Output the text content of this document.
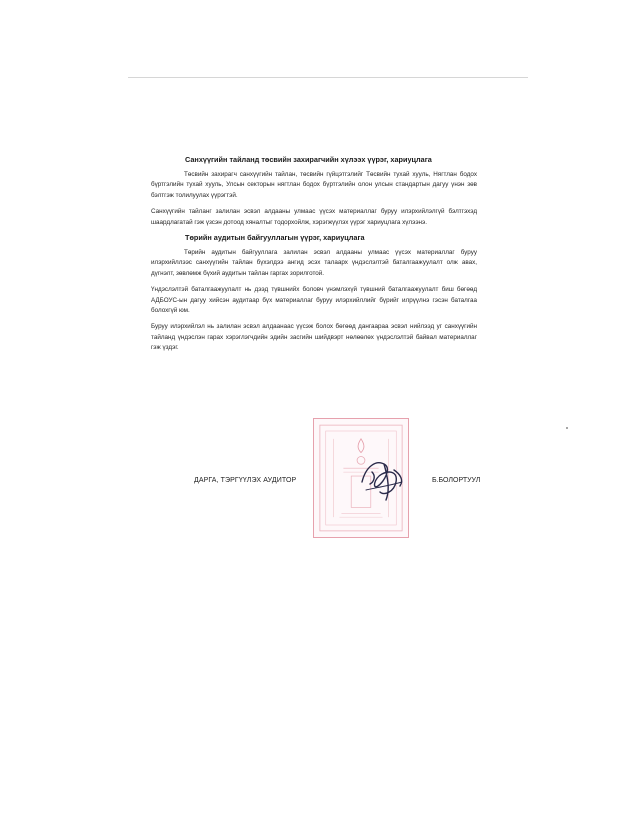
Санхүүгийн тайланд төсвийн захирагчийн хүлээх үүрэг, хариуцлага

Төсвийн захирагч санхүүгийн тайлан, төсвийн гүйцэтгэлийг Төсвийн тухай хууль, Нягтлан бодох бүртгэлийн тухай хууль, Улсын секторын нягтлан бодох бүртгэлийн олон улсын стандартын дагуу үнэн зөв бэлтгэж толилуулах үүрэгтэй.

Санхүүгийн тайланг залилан эсвэл алдааны улмаас үүсэх материаллаг буруу илэрхийлэлгүй бэлтгэхэд шаардлагатай гэж үзсэн дотоод хяналтыг тодорхойлж, хэрэгжүүлэх үүрэг хариуцлага хүлээнэ.

Төрийн аудитын байгууллагын үүрэг, хариуцлага

Төрийн аудитын байгууллага залилан эсвэл алдааны улмаас үүсэх материаллаг буруу илэрхийллээс санхүүгийн тайлан бүхэлдээ ангид эсэх талаарх үндэслэлтэй баталгаажуулалт олж авах, дүгнэлт, зөвлөмж бүхий аудитын тайлан гаргах зорилготой.

Үндэслэлтэй баталгаажуулалт нь дээд түвшнийх боловч үнэмлэхүй түвшний баталгаажуулалт биш бөгөөд АДБОУС-ын дагуу хийсэн аудитаар бүх материаллаг буруу илэрхийллийг бүрийг илрүүлнэ гэсэн баталгаа болохгүй юм.

Буруу илэрхийлэл нь залилан эсвэл алдаанаас үүсэж болох бөгөөд дангаараа эсвэл нийлээд уг санхүүгийн тайланд үндэслэн гарах хэрэглэгчдийн эдийн засгийн шийдвэрт нөлөөлөх үндэслэлтэй байвал материаллаг гэж үздэг.

ДАРГА, ТЭРГҮҮЛЭХ АУДИТОР	Б.БОЛОРТУУЛ
